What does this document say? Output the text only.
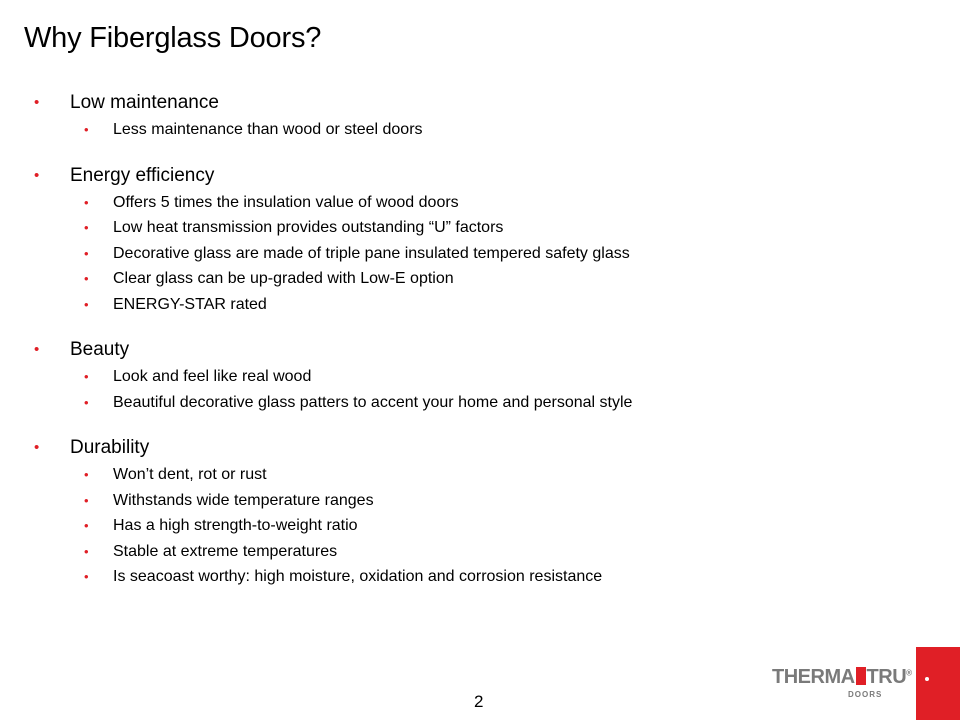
Why Fiberglass Doors?
• Low maintenance
• Less maintenance than wood or steel doors
• Energy efficiency
• Offers 5 times the insulation value of wood doors
• Low heat transmission provides outstanding “U” factors
• Decorative glass are made of triple pane insulated tempered safety glass
• Clear glass can be up-graded with Low-E option
• ENERGY-STAR rated
• Beauty
• Look and feel like real wood
• Beautiful decorative glass patters to accent your home and personal style
• Durability
• Won’t dent, rot or rust
• Withstands wide temperature ranges
• Has a high strength-to-weight ratio
• Stable at extreme temperatures
• Is seacoast worthy: high moisture, oxidation and corrosion resistance
2
THERMA TRU®
DOORS
